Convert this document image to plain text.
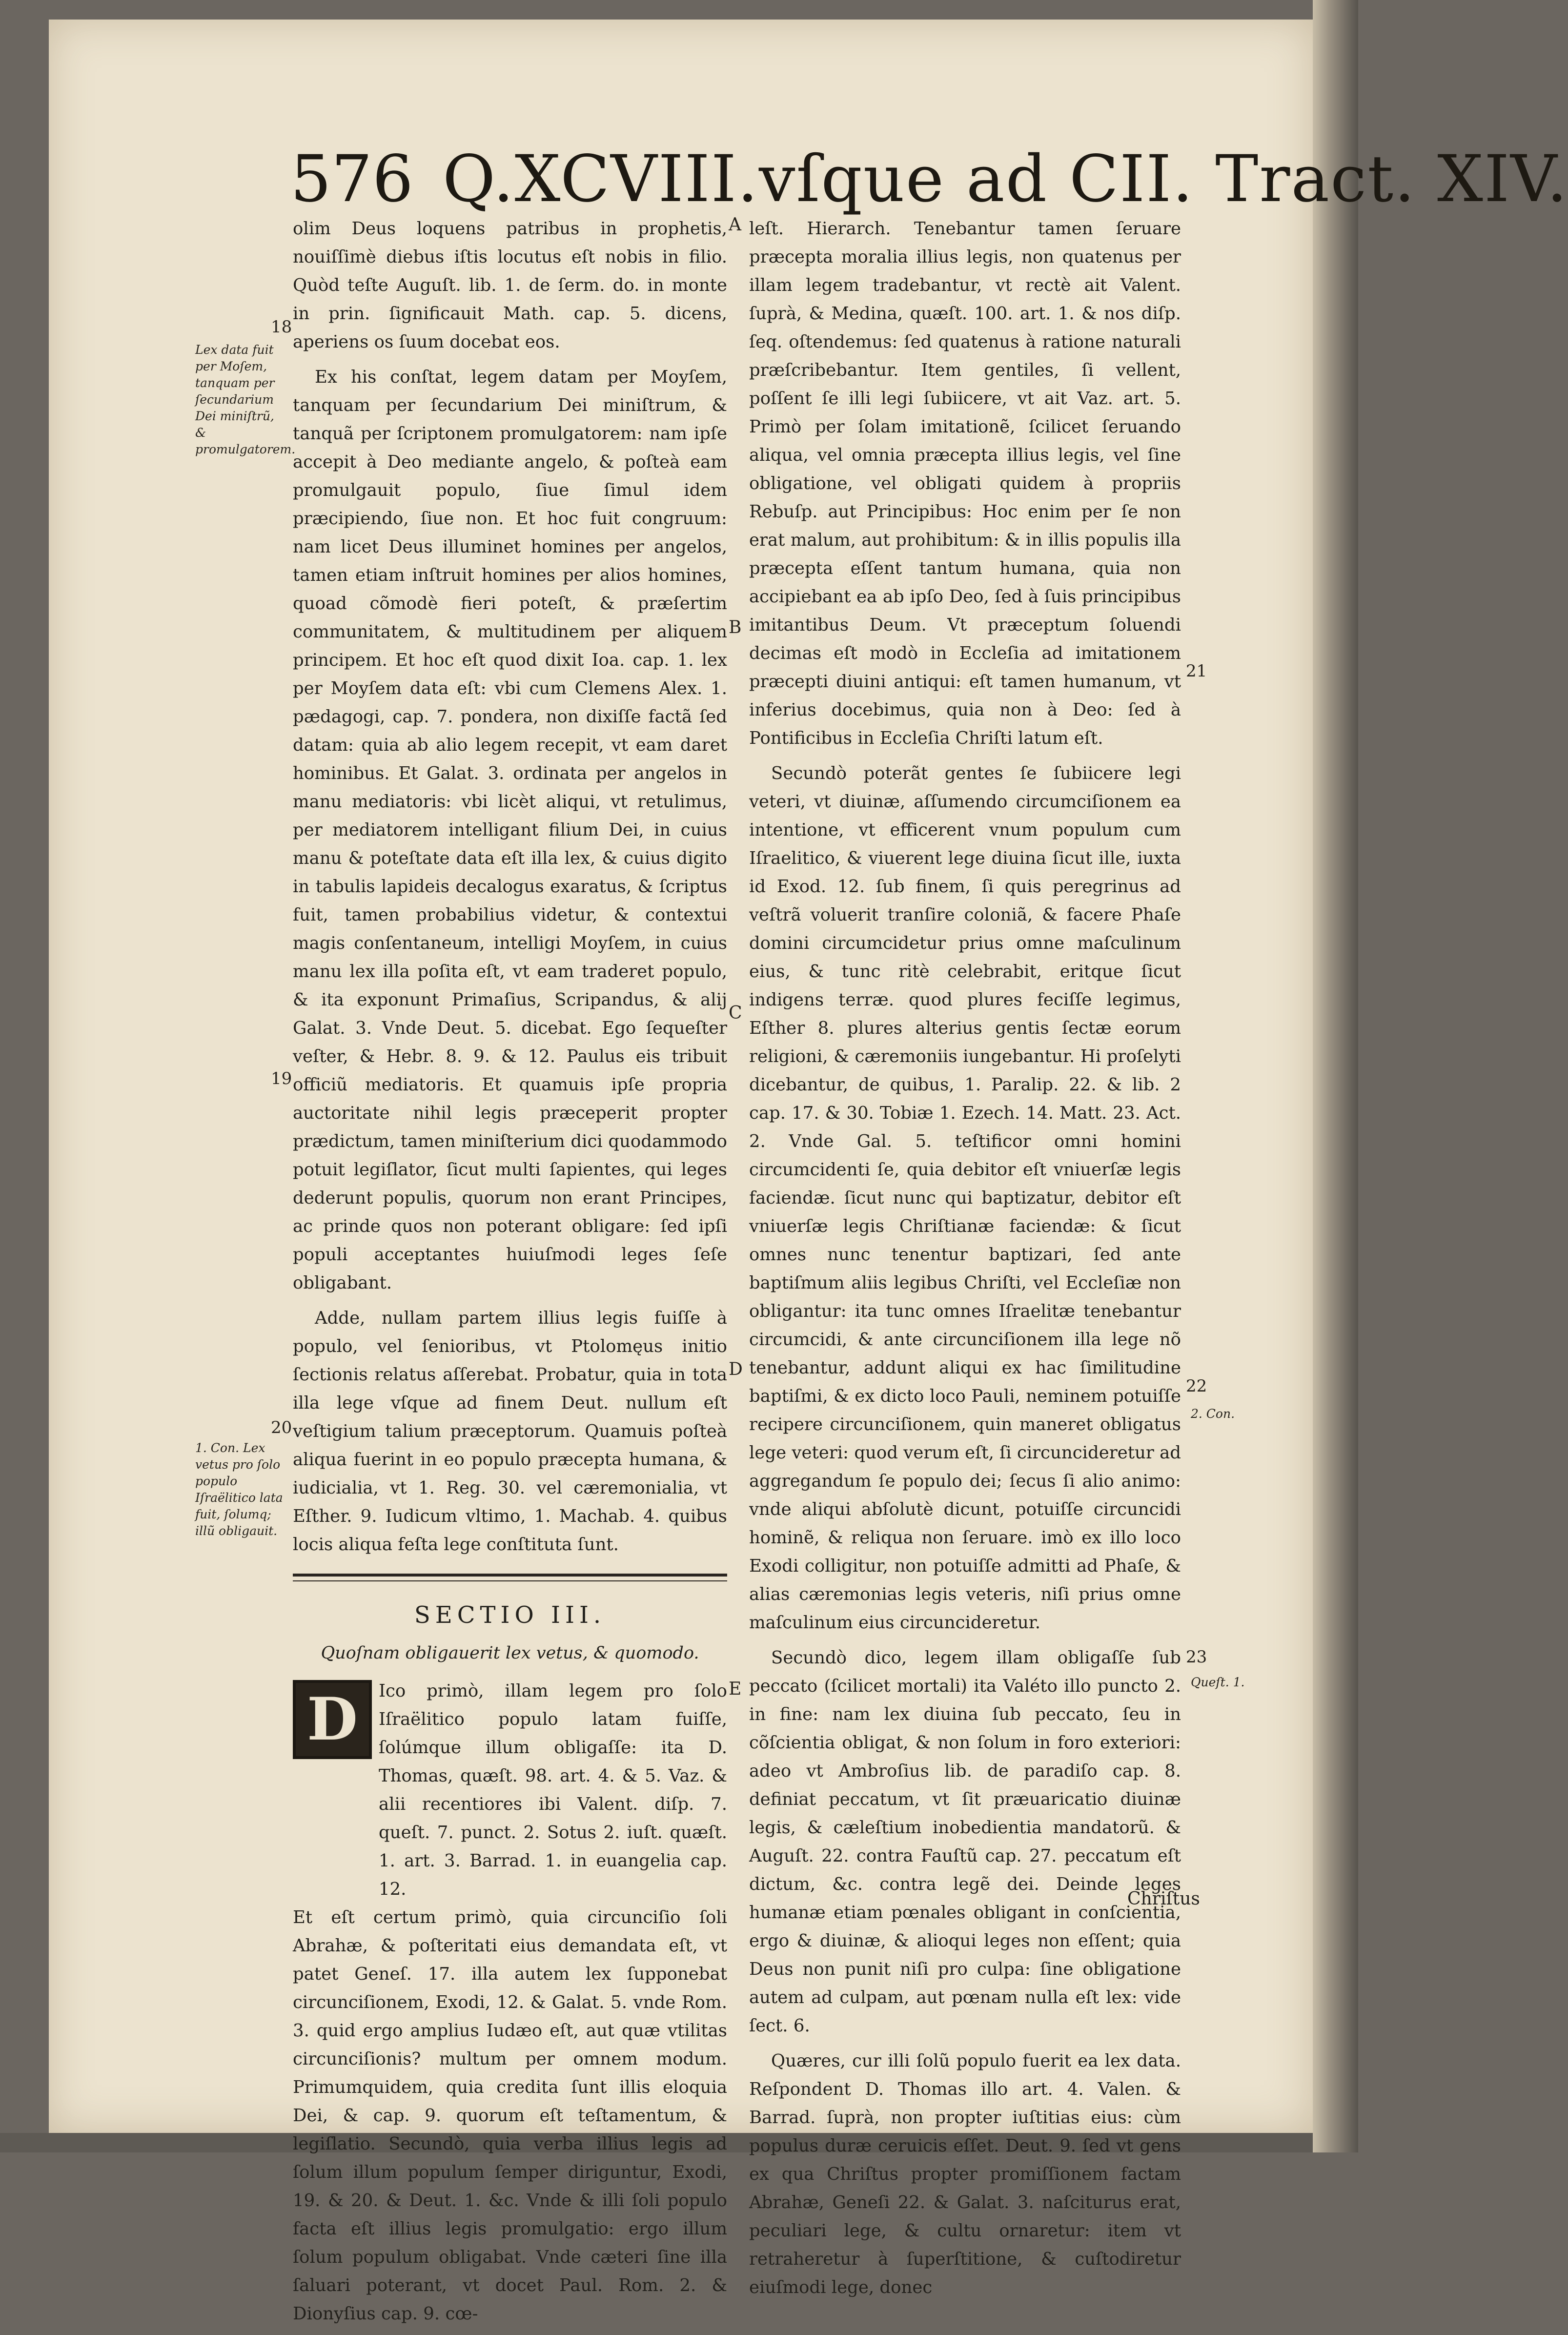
576 Q.XCVIII.vſque ad CII. Tract. XIV.

olim Deus loquens patribus in prophetis, nouiſſimè diebus iſtis locutus eſt nobis in filio. Quòd teſte Auguſt. lib. 1. de ſerm. do. in monte in prin. ſignificauit Math. cap. 5. dicens, aperiens os ſuum docebat eos.

Ex his conſtat, legem datam per Moyſem, tanquam per ſecundarium Dei miniſtrum, & tanquã per ſcriptonem promulgatorem: nam ipſe accepit à Deo mediante angelo, & poſteà eam promulgauit populo, ſiue ſimul idem præcipiendo, ſiue non. Et hoc fuit congruum: nam licet Deus illuminet homines per angelos, tamen etiam inſtruit homines per alios homines, quoad cõmodè fieri poteſt, & præſertim communitatem, & multitudinem per aliquem principem. Et hoc eſt quod dixit Ioa. cap. 1. lex per Moyſem data eſt: vbi cum Clemens Alex. 1. pædagogi, cap. 7. pondera, non dixiſſe factã ſed datam: quia ab alio legem recepit, vt eam daret hominibus. Et Galat. 3. ordinata per angelos in manu mediatoris: vbi licèt aliqui, vt retulimus, per mediatorem intelligant filium Dei, in cuius manu & poteſtate data eſt illa lex, & cuius digito in tabulis lapideis decalogus exaratus, & ſcriptus fuit, tamen probabilius videtur, & contextui magis conſentaneum, intelligi Moyſem, in cuius manu lex illa poſita eſt, vt eam traderet populo, & ita exponunt Primaſius, Scripandus, & alij Galat. 3. Vnde Deut. 5. dicebat. Ego ſequeſter veſter, & Hebr. 8. 9. & 12. Paulus eis tribuit officiũ mediatoris. Et quamuis ipſe propria auctoritate nihil legis præceperit propter prædictum, tamen miniſterium dici quodammodo potuit legiſlator, ſicut multi ſapientes, qui leges dederunt populis, quorum non erant Principes, ac prinde quos non poterant obligare: ſed ipſi populi acceptantes huiuſmodi leges ſeſe obligabant.

Adde, nullam partem illius legis fuiſſe à populo, vel ſenioribus, vt Ptolomęus initio ſectionis relatus aſſerebat. Probatur, quia in tota illa lege vſque ad finem Deut. nullum eſt veſtigium talium præceptorum. Quamuis poſteà aliqua fuerint in eo populo præcepta humana, & iudicialia, vt 1. Reg. 30. vel cæremonialia, vt Eſther. 9. Iudicum vltimo, 1. Machab. 4. quibus locis aliqua feſta lege conſtituta ſunt.

SECTIO III.
Quoſnam obligauerit lex vetus, & quomodo.
D	Ico primò, illam legem pro ſolo Iſraëlitico populo latam fuiſſe, ſolúmque illum obligaſſe: ita D. Thomas, quæſt. 98. art. 4. & 5. Vaz. & alii recentiores ibi Valent. diſp. 7. queſt. 7. punct. 2. Sotus 2. iuſt. quæſt. 1. art. 3. Barrad. 1. in euangelia cap. 12.

Et eſt certum primò, quia circunciſio ſoli Abrahæ, & poſteritati eius demandata eſt, vt patet Geneſ. 17. illa autem lex ſupponebat circunciſionem, Exodi, 12. & Galat. 5. vnde Rom. 3. quid ergo amplius Iudæo eſt, aut quæ vtilitas circunciſionis? multum per omnem modum. Primumquidem, quia credita ſunt illis eloquia Dei, & cap. 9. quorum eſt teſtamentum, & legiſlatio. Secundò, quia verba illius legis ad ſolum illum populum ſemper diriguntur, Exodi, 19. & 20. & Deut. 1. &c. Vnde & illi ſoli populo facta eſt illius legis promulgatio: ergo illum ſolum populum obligabat. Vnde cæteri ſine illa ſaluari poterant, vt docet Paul. Rom. 2. & Dionyſius cap. 9. cœ-

leſt. Hierarch. Tenebantur tamen ſeruare præcepta moralia illius legis, non quatenus per illam legem tradebantur, vt rectè ait Valent. ſuprà, & Medina, quæſt. 100. art. 1. & nos diſp. ſeq. oſtendemus: ſed quatenus à ratione naturali præſcribebantur. Item gentiles, ſi vellent, poſſent ſe illi legi ſubiicere, vt ait Vaz. art. 5. Primò per ſolam imitationẽ, ſcilicet ſeruando aliqua, vel omnia præcepta illius legis, vel ſine obligatione, vel obligati quidem à propriis Rebuſp. aut Principibus: Hoc enim per ſe non erat malum, aut prohibitum: & in illis populis illa præcepta eſſent tantum humana, quia non accipiebant ea ab ipſo Deo, ſed à ſuis principibus imitantibus Deum. Vt præceptum ſoluendi decimas eſt modò in Eccleſia ad imitationem præcepti diuini antiqui: eſt tamen humanum, vt inferius docebimus, quia non à Deo: ſed à Pontificibus in Eccleſia Chriſti latum eſt.

Secundò poterãt gentes ſe ſubiicere legi veteri, vt diuinæ, aſſumendo circumciſionem ea intentione, vt efficerent vnum populum cum Iſraelitico, & viuerent lege diuina ſicut ille, iuxta id Exod. 12. ſub finem, ſi quis peregrinus ad veſtrã voluerit tranſire coloniã, & facere Phaſe domini circumcidetur prius omne maſculinum eius, & tunc ritè celebrabit, eritque ſicut indigens terræ. quod plures feciſſe legimus, Eſther 8. plures alterius gentis ſectæ eorum religioni, & cæremoniis iungebantur. Hi proſelyti dicebantur, de quibus, 1. Paralip. 22. & lib. 2 cap. 17. & 30. Tobiæ 1. Ezech. 14. Matt. 23. Act. 2. Vnde Gal. 5. teſtificor omni homini circumcidenti ſe, quia debitor eſt vniuerſæ legis faciendæ. ſicut nunc qui baptizatur, debitor eſt vniuerſæ legis Chriſtianæ faciendæ: & ſicut omnes nunc tenentur baptizari, ſed ante baptiſmum aliis legibus Chriſti, vel Eccleſiæ non obligantur: ita tunc omnes Iſraelitæ tenebantur circumcidi, & ante circunciſionem illa lege nõ tenebantur, addunt aliqui ex hac ſimilitudine baptiſmi, & ex dicto loco Pauli, neminem potuiſſe recipere circunciſionem, quin maneret obligatus lege veteri: quod verum eſt, ſi circuncideretur ad aggregandum ſe populo dei; ſecus ſi alio animo: vnde aliqui abſolutè dicunt, potuiſſe circuncidi hominẽ, & reliqua non ſeruare. imò ex illo loco Exodi colligitur, non potuiſſe admitti ad Phaſe, & alias cæremonias legis veteris, niſi prius omne maſculinum eius circuncideretur.

Secundò dico, legem illam obligaſſe ſub peccato (ſcilicet mortali) ita Valéto illo puncto 2. in fine: nam lex diuina ſub peccato, ſeu in cõſcientia obligat, & non ſolum in foro exteriori: adeo vt Ambroſius lib. de paradiſo cap. 8. definiat peccatum, vt ſit præuaricatio diuinæ legis, & cæleſtium inobedientia mandatorũ. & Auguſt. 22. contra Fauſtũ cap. 27. peccatum eſt dictum, &c. contra legẽ dei. Deinde leges humanæ etiam pœnales obligant in conſcientia, ergo & diuinæ, & alioqui leges non eſſent; quia Deus non punit niſi pro culpa: ſine obligatione autem ad culpam, aut pœnam nulla eſt lex: vide ſect. 6.

Quæres, cur illi ſolũ populo fuerit ea lex data. Reſpondent D. Thomas illo art. 4. Valen. & Barrad. ſuprà, non propter iuſtitias eius: cùm populus duræ ceruicis eſſet. Deut. 9. ſed vt gens ex qua Chriſtus propter promiſſionem factam Abrahæ, Geneſi 22. & Galat. 3. naſciturus erat, peculiari lege, & cultu ornaretur: item vt retraheretur à ſuperſtitione, & cuſtodiretur eiuſmodi lege, donec

Chriſtus
Lex data fuit per Moſem, tanquam per ſecundarium Dei miniſtrũ, & promulgatorem.
1. Con. Lex vetus pro ſolo populo Iſraëlitico lata fuit, ſolumq; illũ obligauit.
2. Con.
Queſt. 1.
18
19
20
21
22
23
A
B
C
D
E
